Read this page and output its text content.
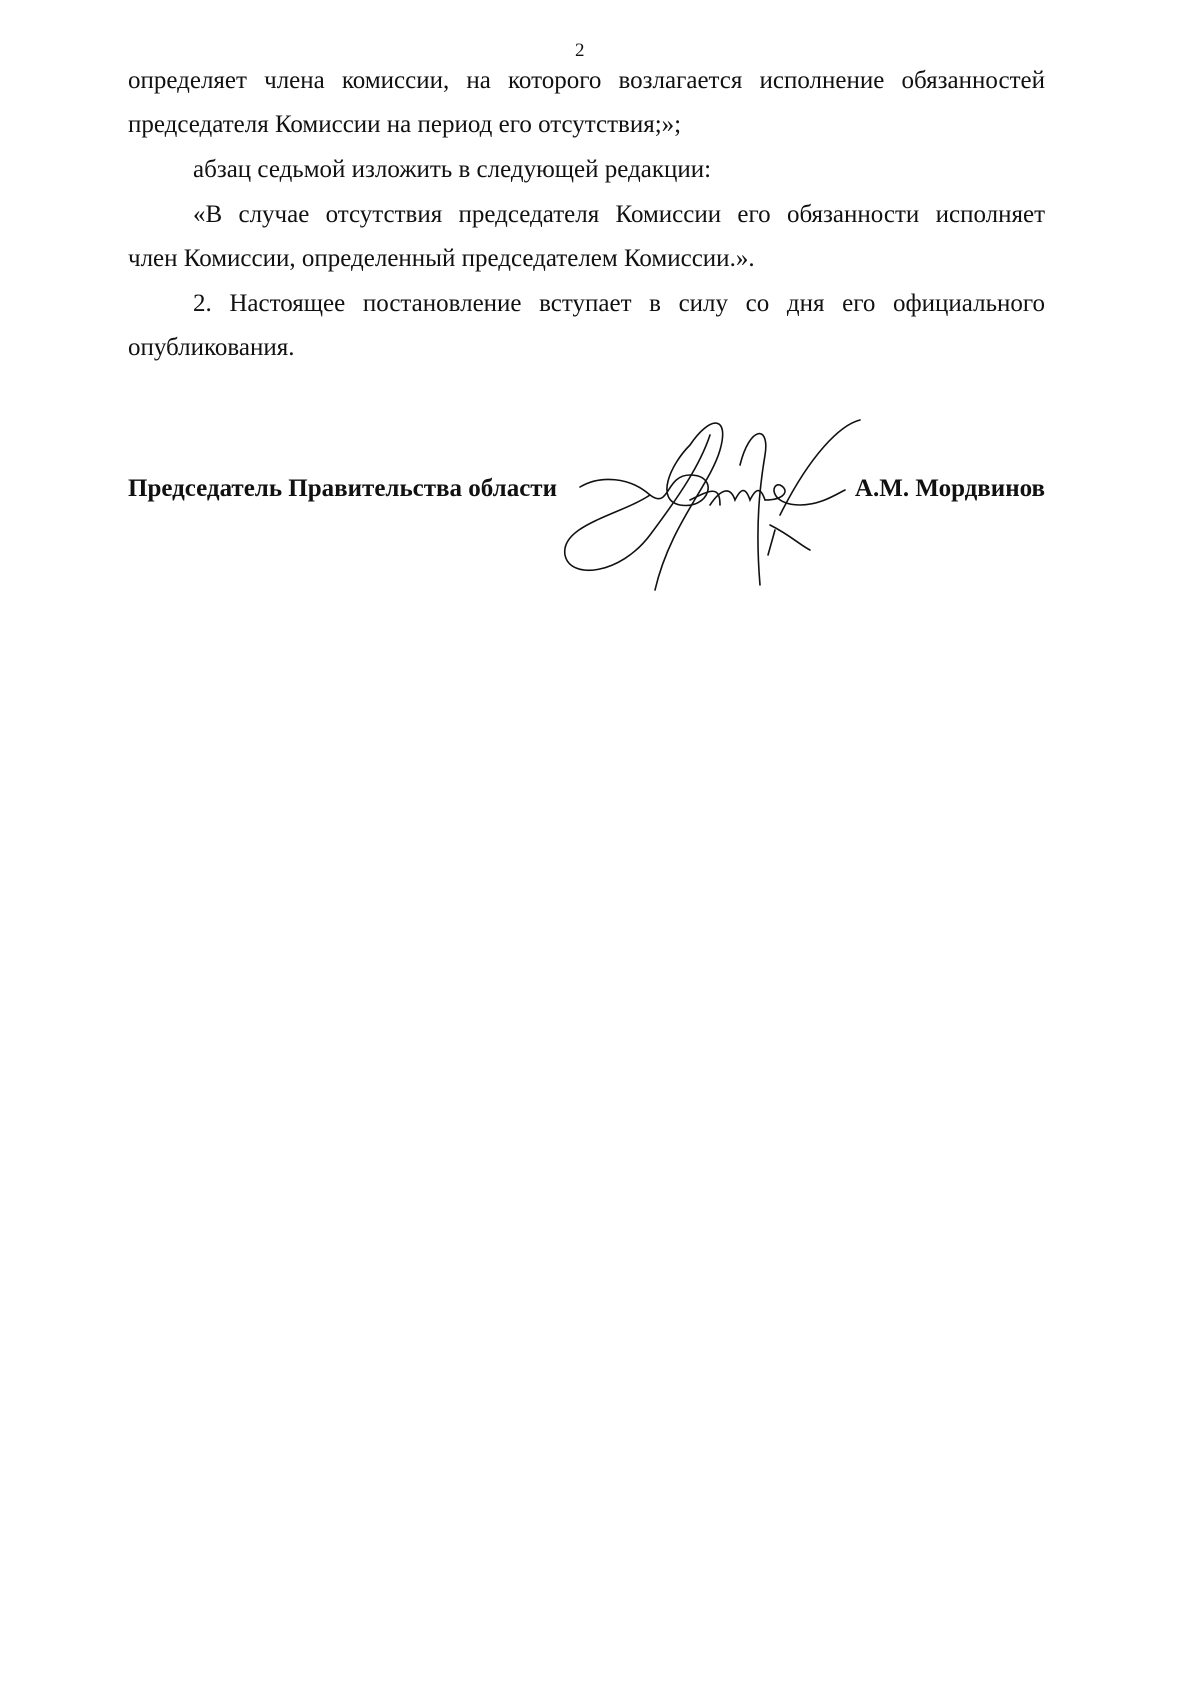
2
определяет члена комиссии, на которого возлагается исполнение обязанностей
председателя Комиссии на период его отсутствия;»;
абзац седьмой изложить в следующей редакции:
«В случае отсутствия председателя Комиссии его обязанности исполняет
член Комиссии, определенный председателем Комиссии.».
2. Настоящее постановление вступает в силу со дня его официального
опубликования.
Председатель Правительства области	А.М. Мордвинов
